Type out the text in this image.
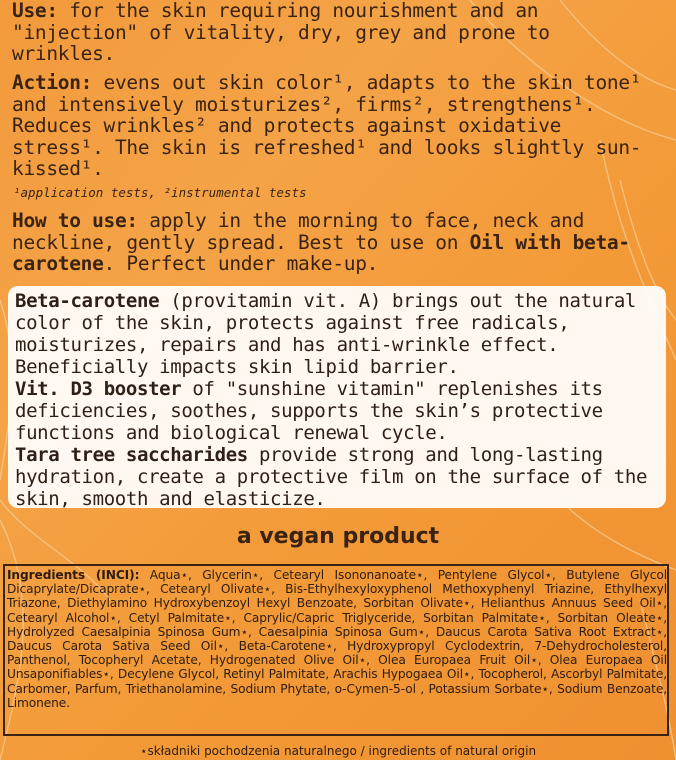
Use: for the skin requiring nourishment and an "injection" of vitality, dry, grey and prone to wrinkles.
Action: evens out skin color¹, adapts to the skin tone¹ and intensively moisturizes², firms², strengthens¹. Reduces wrinkles² and protects against oxidative stress¹. The skin is refreshed¹ and looks slightly sun-kissed¹.
¹application tests, ²instrumental tests
How to use: apply in the morning to face, neck and neckline, gently spread. Best to use on Oil with beta-carotene. Perfect under make-up.

Beta-carotene (provitamin vit. A) brings out the natural color of the skin, protects against free radicals, moisturizes, repairs and has anti-wrinkle effect. Beneficially impacts skin lipid barrier.

Vit. D3 booster of "sunshine vitamin" replenishes its deficiencies, soothes, supports the skin’s protective functions and biological renewal cycle.

Tara tree saccharides provide strong and long-lasting hydration, create a protective film on the surface of the skin, smooth and elasticize.

a vegan product
Ingredients (INCI): Aqua⋆, Glycerin⋆, Cetearyl Isononanoate⋆, Pentylene Glycol⋆, Butylene Glycol Dicaprylate/Dicaprate⋆, Cetearyl Olivate⋆, Bis-Ethylhexyloxyphenol Methoxyphenyl Triazine, Ethylhexyl Triazone, Diethylamino Hydroxybenzoyl Hexyl Benzoate, Sorbitan Olivate⋆, Helianthus Annuus Seed Oil⋆, Cetearyl Alcohol⋆, Cetyl Palmitate⋆, Caprylic/Capric Triglyceride, Sorbitan Palmitate⋆, Sorbitan Oleate⋆, Hydrolyzed Caesalpinia Spinosa Gum⋆, Caesalpinia Spinosa Gum⋆, Daucus Carota Sativa Root Extract⋆, Daucus Carota Sativa Seed Oil⋆, Beta-Carotene⋆, Hydroxypropyl Cyclodextrin, 7-Dehydrocholesterol, Panthenol, Tocopheryl Acetate, Hydrogenated Olive Oil⋆, Olea Europaea Fruit Oil⋆, Olea Europaea Oil Unsaponifiables⋆, Decylene Glycol, Retinyl Palmitate, Arachis Hypogaea Oil⋆, Tocopherol, Ascorbyl Palmitate, Carbomer, Parfum, Triethanolamine, Sodium Phytate, o-Cymen-5-ol , Potassium Sorbate⋆, Sodium Benzoate, Limonene.
⋆składniki pochodzenia naturalnego / ingredients of natural origin
